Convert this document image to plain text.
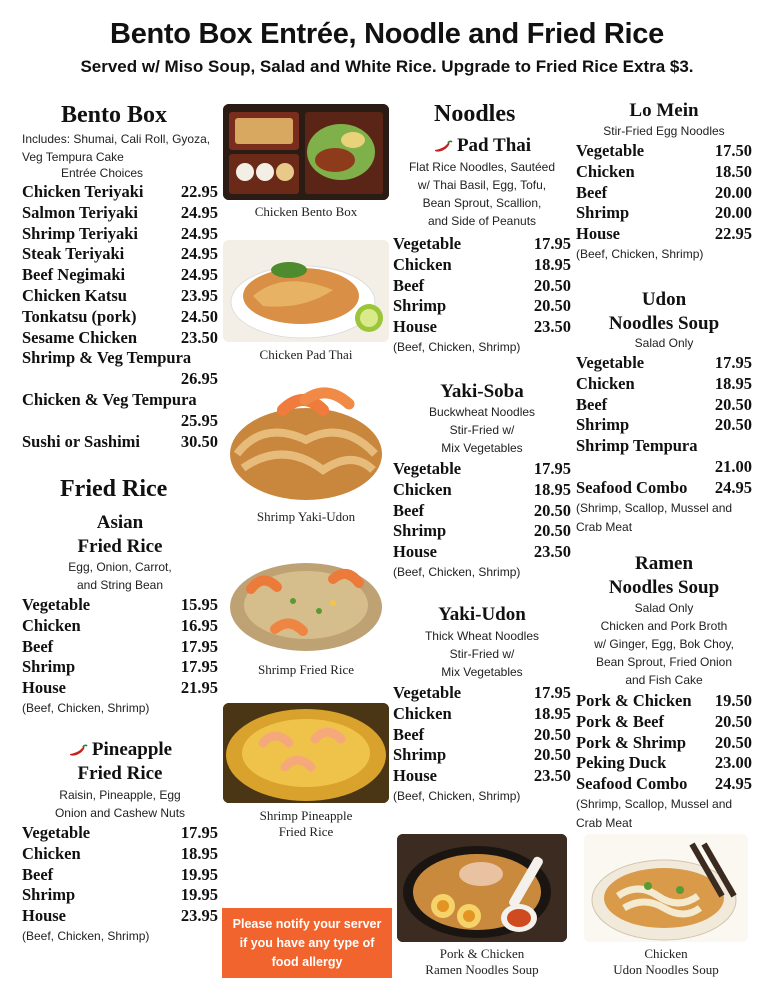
Bento Box Entrée, Noodle and Fried Rice
Served w/ Miso Soup, Salad and White Rice. Upgrade to Fried Rice Extra $3.
Bento Box
Includes: Shumai, Cali Roll, Gyoza,
Veg Tempura Cake
Entrée Choices
Chicken Teriyaki	22.95
Salmon Teriyaki	24.95
Shrimp Teriyaki	24.95
Steak Teriyaki	24.95
Beef Negimaki	24.95
Chicken Katsu	23.95
Tonkatsu (pork)	24.50
Sesame Chicken	23.50
Shrimp & Veg Tempura
26.95
Chicken & Veg Tempura
25.95
Sushi or Sashimi	30.50
Fried Rice
Asian
Fried Rice
Egg, Onion, Carrot,
and String Bean
Vegetable	15.95
Chicken	16.95
Beef	17.95
Shrimp	17.95
House	21.95
(Beef, Chicken, Shrimp)
Pineapple
Fried Rice
Raisin, Pineapple, Egg
Onion and Cashew Nuts
Vegetable	17.95
Chicken	18.95
Beef	19.95
Shrimp	19.95
House	23.95
(Beef, Chicken, Shrimp)
Chicken Bento Box
Chicken Pad Thai
Shrimp Yaki-Udon
Shrimp Fried Rice
Shrimp Pineapple
Fried Rice
Please notify your server
if you have any type of
food allergy
Noodles
Pad Thai
Flat Rice Noodles, Sautéed
w/ Thai Basil, Egg, Tofu,
Bean Sprout, Scallion,
and Side of Peanuts
Vegetable	17.95
Chicken	18.95
Beef	20.50
Shrimp	20.50
House	23.50
(Beef, Chicken, Shrimp)
Yaki-Soba
Buckwheat Noodles
Stir-Fried w/
Mix Vegetables
Vegetable	17.95
Chicken	18.95
Beef	20.50
Shrimp	20.50
House	23.50
(Beef, Chicken, Shrimp)
Yaki-Udon
Thick Wheat Noodles
Stir-Fried w/
Mix Vegetables
Vegetable	17.95
Chicken	18.95
Beef	20.50
Shrimp	20.50
House	23.50
(Beef, Chicken, Shrimp)
Pork & Chicken
Ramen Noodles Soup
Lo Mein
Stir-Fried Egg Noodles
Vegetable	17.50
Chicken	18.50
Beef	20.00
Shrimp	20.00
House	22.95
(Beef, Chicken, Shrimp)
Udon
Noodles Soup
Salad Only
Vegetable	17.95
Chicken	18.95
Beef	20.50
Shrimp	20.50
Shrimp Tempura
21.00
Seafood Combo	24.95
(Shrimp, Scallop, Mussel and Crab Meat
Ramen
Noodles Soup
Salad Only
Chicken and Pork Broth
w/ Ginger, Egg, Bok Choy,
Bean Sprout, Fried Onion
and Fish Cake
Pork & Chicken	19.50
Pork & Beef	20.50
Pork & Shrimp	20.50
Peking Duck	23.00
Seafood Combo	24.95
(Shrimp, Scallop, Mussel and Crab Meat
Chicken
Udon Noodles Soup
